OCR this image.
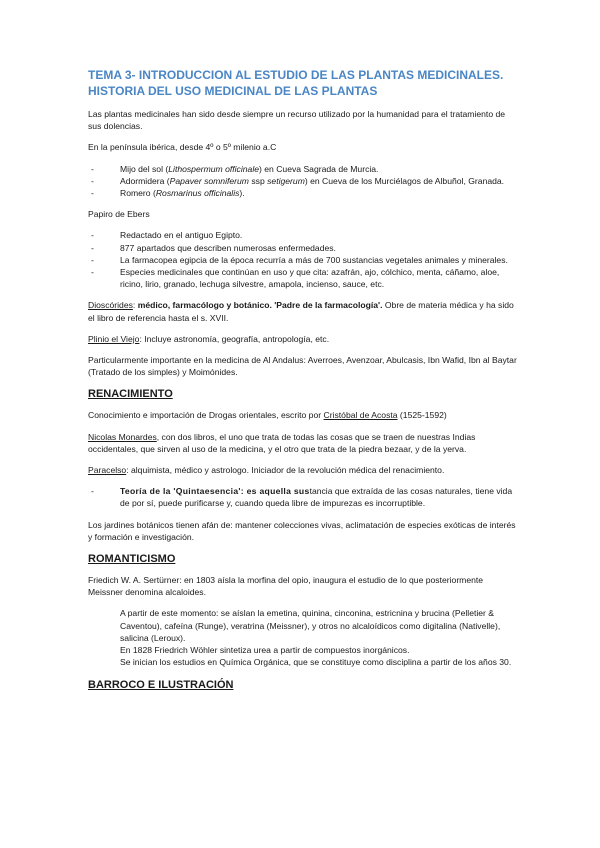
TEMA 3- INTRODUCCION AL ESTUDIO DE LAS PLANTAS MEDICINALES. HISTORIA DEL USO MEDICINAL DE LAS PLANTAS

Las plantas medicinales han sido desde siempre un recurso utilizado por la humanidad para el tratamiento de sus dolencias.

En la península ibérica, desde 4º o 5º milenio a.C

- Mijo del sol (Lithospermum officinale) en Cueva Sagrada de Murcia.
- Adormidera (Papaver somniferum ssp setigerum) en Cueva de los Murciélagos de Albuñol, Granada.
- Romero (Rosmarinus officinalis).

Papiro de Ebers

- Redactado en el antiguo Egipto.
- 877 apartados que describen numerosas enfermedades.
- La farmacopea egipcia de la época recurría a más de 700 sustancias vegetales animales y minerales.
- Especies medicinales que continúan en uso y que cita: azafrán, ajo, cólchico, menta, cáñamo, aloe, ricino, lirio, granado, lechuga silvestre, amapola, incienso, sauce, etc.

Dioscórides: médico, farmacólogo y botánico. 'Padre de la farmacología'. Obre de materia médica y ha sido el libro de referencia hasta el s. XVII.

Plinio el Viejo: Incluye astronomía, geografía, antropología, etc.

Particularmente importante en la medicina de Al Andalus: Averroes, Avenzoar, Abulcasis, Ibn Wafid, Ibn al Baytar (Tratado de los simples) y Moimónides.

RENACIMIENTO

Conocimiento e importación de Drogas orientales, escrito por Cristóbal de Acosta (1525-1592)

Nicolas Monardes, con dos libros, el uno que trata de todas las cosas que se traen de nuestras Indias occidentales, que sirven al uso de la medicina, y el otro que trata de la piedra bezaar, y de la yerva.

Paracelso: alquimista, médico y astrologo. Iniciador de la revolución médica del renacimiento.

- Teoría de la 'Quintaesencia': es aquella sustancia que extraída de las cosas naturales, tiene vida de por sí, puede purificarse y, cuando queda libre de impurezas es incorruptible.

Los jardines botánicos tienen afán de: mantener colecciones vivas, aclimatación de especies exóticas de interés y formación e investigación.

ROMANTICISMO

Friedich W. A. Sertürner: en 1803 aísla la morfina del opio, inaugura el estudio de lo que posteriormente Meissner denomina alcaloides.

A partir de este momento: se aíslan la emetina, quinina, cinconina, estricnina y brucina (Pelletier & Caventou), cafeína (Runge), veratrina (Meissner), y otros no alcaloídicos como digitalina (Nativelle), salicina (Leroux).
En 1828 Friedrich Wöhler sintetiza urea a partir de compuestos inorgánicos.
Se inician los estudios en Química Orgánica, que se constituye como disciplina a partir de los años 30.
BARROCO E ILUSTRACIÓN
